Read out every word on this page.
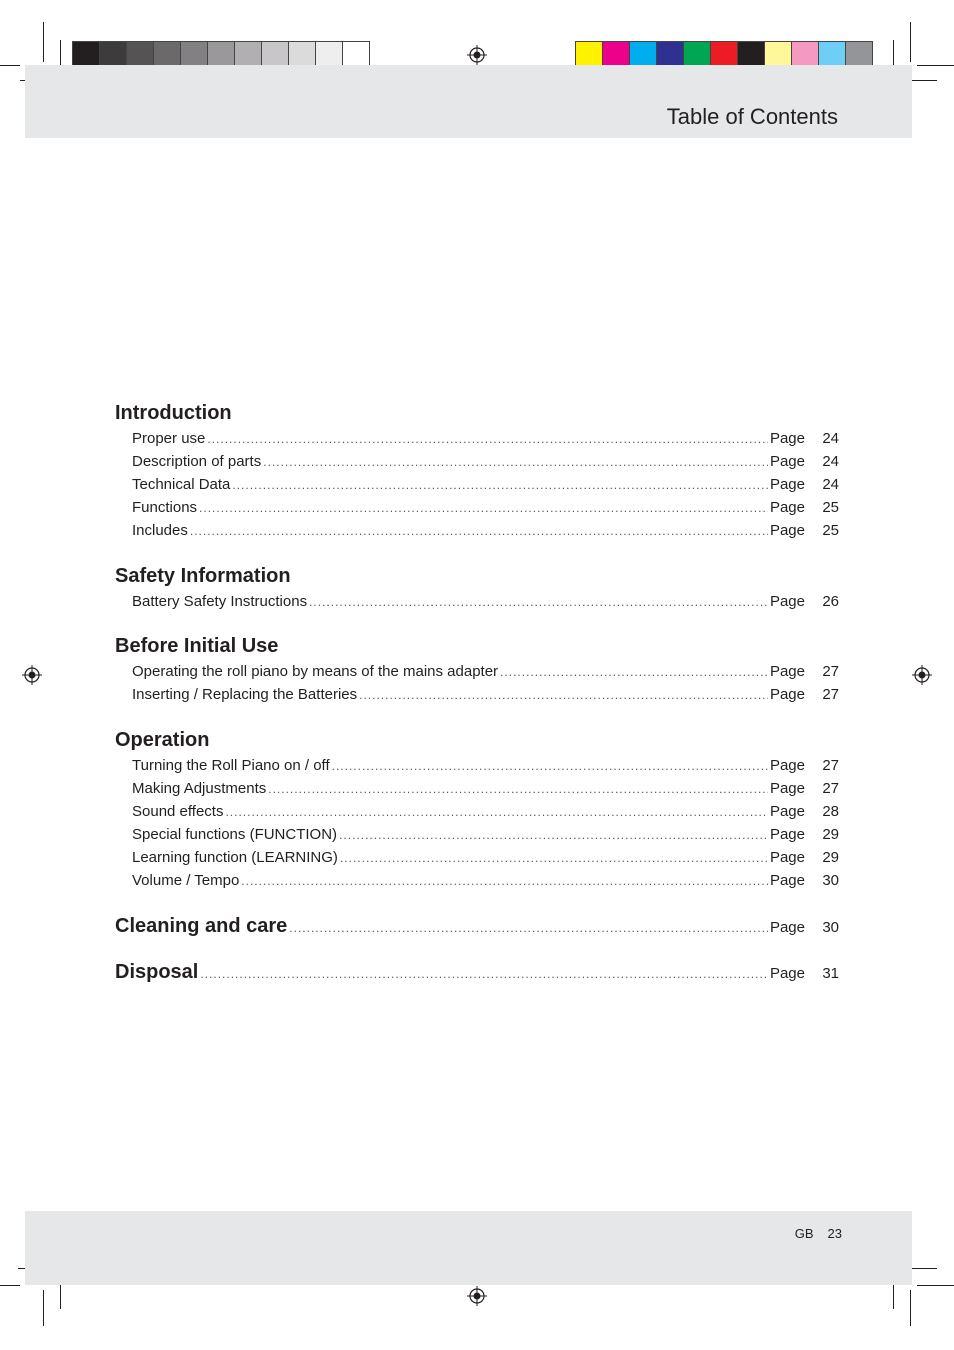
Table of Contents
Introduction
Proper use .....	Page	24
Description of parts .....	Page	24
Technical Data .....	Page	24
Functions .....	Page	25
Includes .....	Page	25
Safety Information
Battery Safety Instructions .....	Page	26
Before Initial Use
Operating the roll piano by means of the mains adapter .....	Page	27
Inserting / Replacing the Batteries .....	Page	27
Operation
Turning the Roll Piano on / off .....	Page	27
Making Adjustments .....	Page	27
Sound effects .....	Page	28
Special functions (FUNCTION) .....	Page	29
Learning function (LEARNING) .....	Page	29
Volume / Tempo .....	Page	30
Cleaning and care .....	Page	30
Disposal .....	Page	31
GB 23
